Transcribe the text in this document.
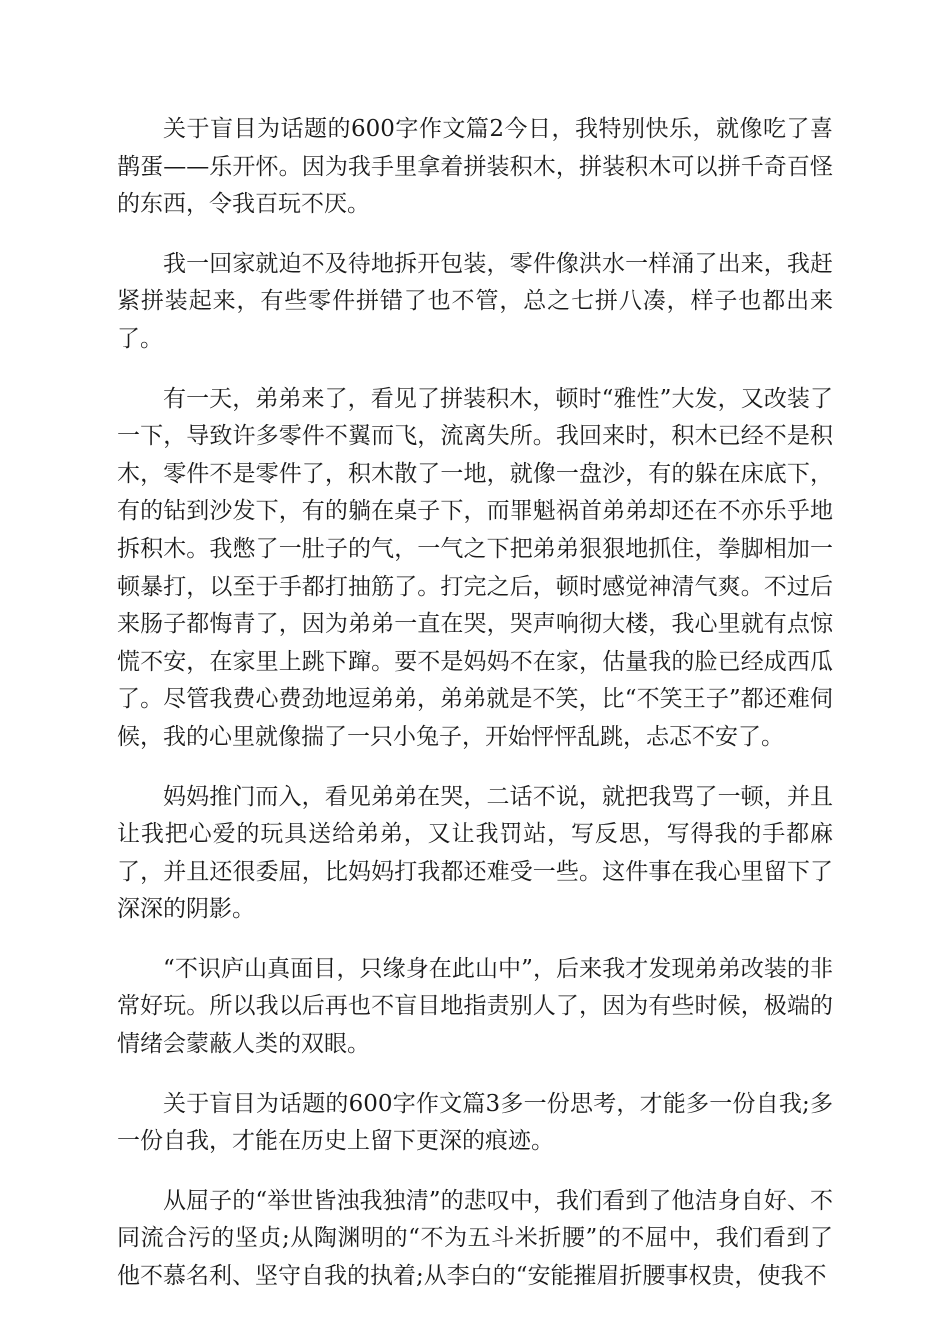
关于盲目为话题的600字作文篇2今日，我特别快乐，就像吃了喜鹊蛋——乐开怀。因为我手里拿着拼装积木，拼装积木可以拼千奇百怪的东西，令我百玩不厌。

我一回家就迫不及待地拆开包装，零件像洪水一样涌了出来，我赶紧拼装起来，有些零件拼错了也不管，总之七拼八凑，样子也都出来了。

有一天，弟弟来了，看见了拼装积木，顿时“雅性”大发，又改装了一下，导致许多零件不翼而飞，流离失所。我回来时，积木已经不是积木，零件不是零件了，积木散了一地，就像一盘沙，有的躲在床底下，有的钻到沙发下，有的躺在桌子下，而罪魁祸首弟弟却还在不亦乐乎地拆积木。我憋了一肚子的气，一气之下把弟弟狠狠地抓住，拳脚相加一顿暴打，以至于手都打抽筋了。打完之后，顿时感觉神清气爽。不过后来肠子都悔青了，因为弟弟一直在哭，哭声响彻大楼，我心里就有点惊慌不安，在家里上跳下蹿。要不是妈妈不在家，估量我的脸已经成西瓜了。尽管我费心费劲地逗弟弟，弟弟就是不笑，比“不笑王子”都还难伺候，我的心里就像揣了一只小兔子，开始怦怦乱跳，忐忑不安了。

妈妈推门而入，看见弟弟在哭，二话不说，就把我骂了一顿，并且让我把心爱的玩具送给弟弟，又让我罚站，写反思，写得我的手都麻了，并且还很委屈，比妈妈打我都还难受一些。这件事在我心里留下了深深的阴影。

“不识庐山真面目，只缘身在此山中”，后来我才发现弟弟改装的非常好玩。所以我以后再也不盲目地指责别人了，因为有些时候，极端的情绪会蒙蔽人类的双眼。

关于盲目为话题的600字作文篇3多一份思考，才能多一份自我;多一份自我，才能在历史上留下更深的痕迹。

从屈子的“举世皆浊我独清”的悲叹中，我们看到了他洁身自好、不同流合污的坚贞;从陶渊明的“不为五斗米折腰”的不屈中，我们看到了他不慕名利、坚守自我的执着;从李白的“安能摧眉折腰事权贵，使我不
